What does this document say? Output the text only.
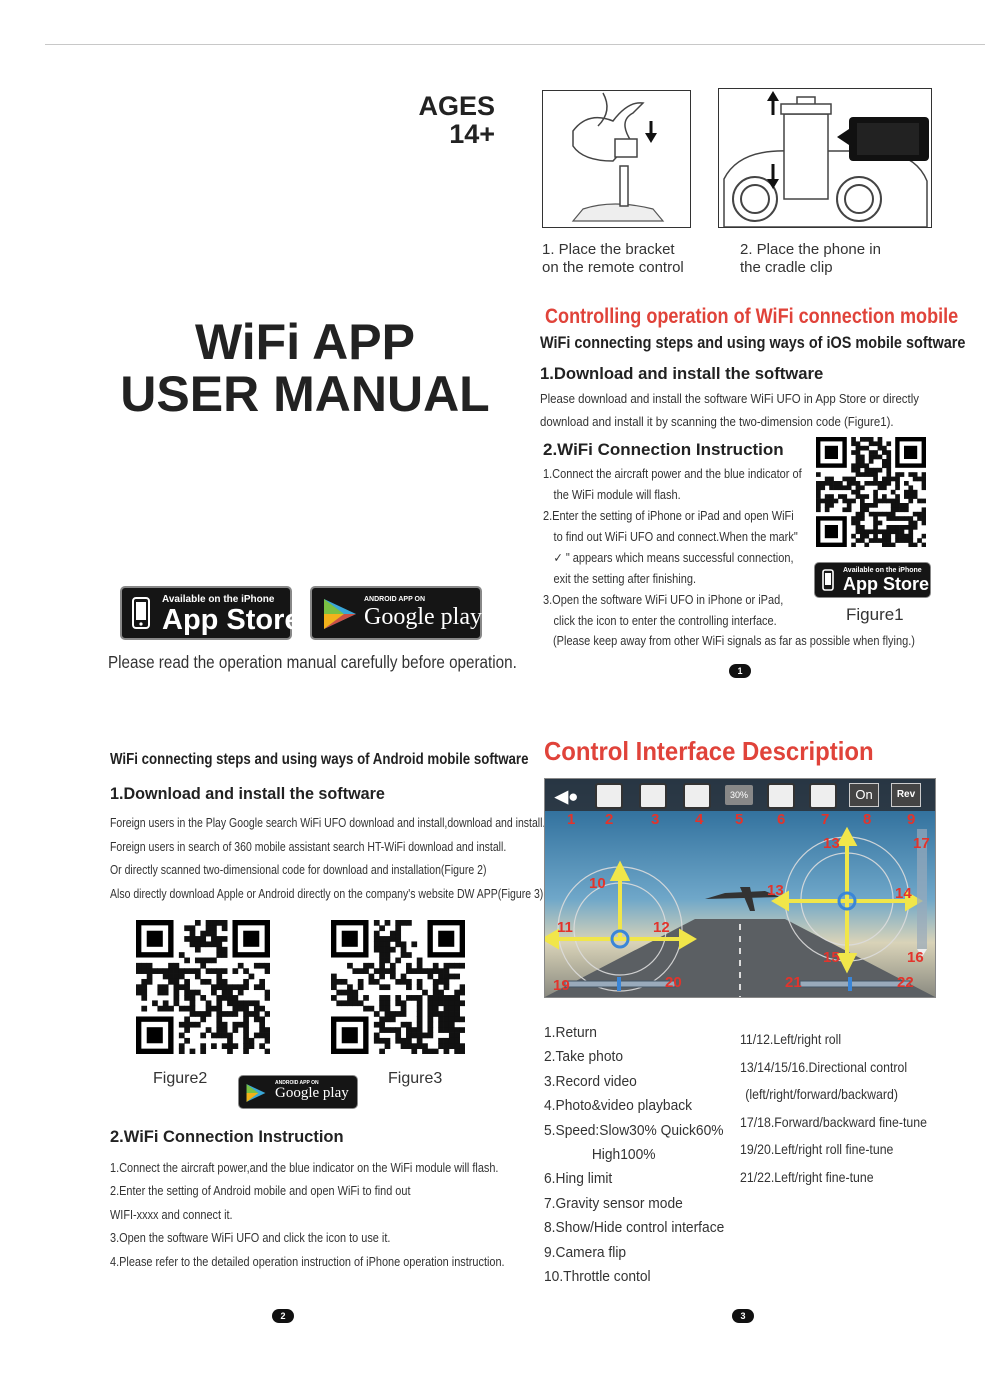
AGES
14+
WiFi APP
USER MANUAL
Available on the iPhone
App Store
ANDROID APP ON
Google play
Please read the operation manual carefully before operation.
1. Place the bracket
on the remote control
2. Place the phone in
the cradle clip
Controlling operation of WiFi connection mobile
WiFi connecting steps and using ways of iOS mobile software
1.Download and install the software
Please download and install the software WiFi UFO in App Store or directly download and install it by scanning the two-dimension code (Figure1).
2.WiFi Connection Instruction

1.Connect the aircraft power and the blue indicator of the WiFi module will flash.

2.Enter the setting of iPhone or iPad and open WiFi to find out WiFi UFO and connect.When the mark" ✓ " appears which means successful connection, exit the setting after finishing.

3.Open the software WiFi UFO in iPhone or iPad, click the icon to enter the controlling interface.

(Please keep away from other WiFi signals as far as possible when flying.)
Available on the iPhone
App Store
Figure1
1
WiFi connecting steps and using ways of Android mobile software
1.Download and install the software

Foreign users in the Play Google search WiFi UFO download and install,download and install.

Foreign users in search of 360 mobile assistant search HT-WiFi download and install.

Or directly scanned two-dimensional code for download and installation(Figure 2)

Also directly download Apple or Android directly on the company's website DW APP(Figure 3)

Figure2	Figure3
ANDROID APP ON
Google play
2.WiFi Connection Instruction

1.Connect the aircraft power,and the blue indicator on the WiFi module will flash.

2.Enter the setting of Android mobile and open WiFi to find out

WIFI-xxxx and connect it.

3.Open the software WiFi UFO and click the icon to use it.

4.Please refer to the detailed operation instruction of iPhone operation instruction.

2
Control Interface Description
◀●	30%	On	Rev
1 2	3 4 5 6 7 8 9
10
11	12
13
13
14
15	16
17
19	20	21	22
1.Return
2.Take photo
3.Record video
4.Photo&video playback
5.Speed:Slow30% Quick60%
High100%
6.Hing limit
7.Gravity sensor mode
8.Show/Hide control interface
9.Camera flip
10.Throttle contol
11/12.Left/right roll
13/14/15/16.Directional control
(left/right/forward/backward)
17/18.Forward/backward fine-tune
19/20.Left/right roll fine-tune
21/22.Left/right fine-tune
3
